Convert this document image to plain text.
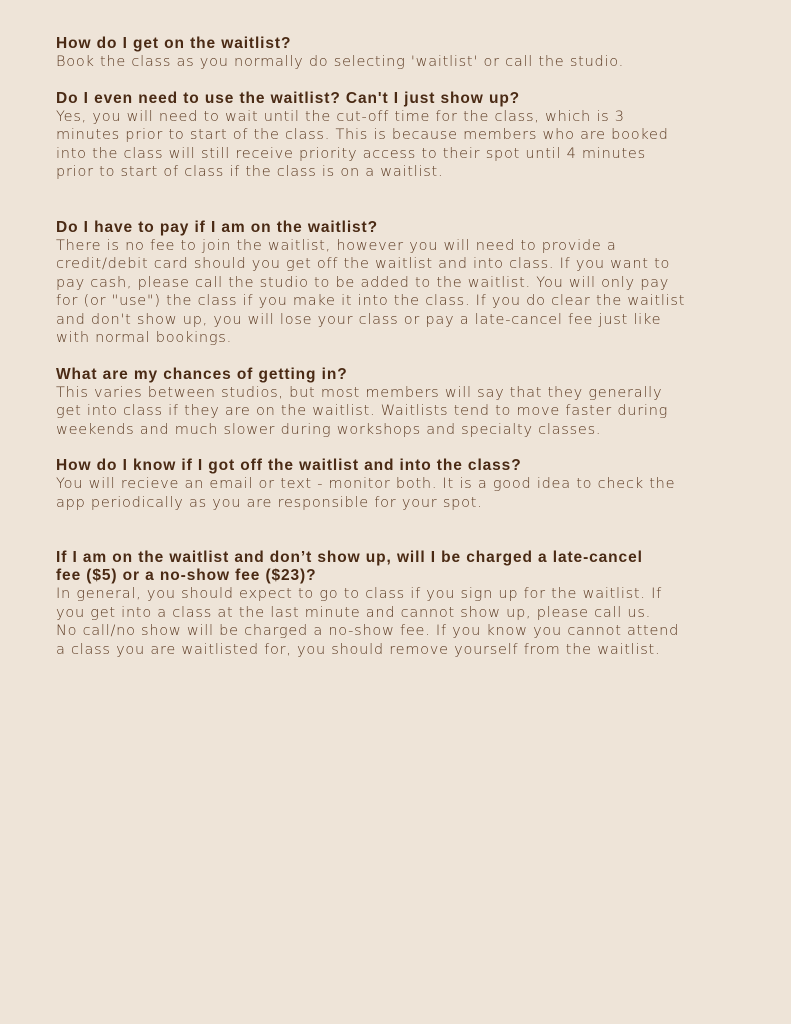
How do I get on the waitlist?

Book the class as you normally do selecting 'waitlist' or call the studio.

Do I even need to use the waitlist? Can't I just show up?

Yes, you will need to wait until the cut-off time for the class, which is 3
minutes prior to start of the class. This is because members who are booked
into the class will still receive priority access to their spot until 4 minutes
prior to start of class if the class is on a waitlist.

Do I have to pay if I am on the waitlist?

There is no fee to join the waitlist, however you will need to provide a
credit/debit card should you get off the waitlist and into class. If you want to
pay cash, please call the studio to be added to the waitlist. You will only pay
for (or "use") the class if you make it into the class. If you do clear the waitlist
and don't show up, you will lose your class or pay a late-cancel fee just like
with normal bookings.

What are my chances of getting in?

This varies between studios, but most members will say that they generally
get into class if they are on the waitlist. Waitlists tend to move faster during
weekends and much slower during workshops and specialty classes.

How do I know if I got off the waitlist and into the class?

You will recieve an email or text - monitor both. It is a good idea to check the
app periodically as you are responsible for your spot.

If I am on the waitlist and don’t show up, will I be charged a late-cancel
fee ($5) or a no-show fee ($23)?

In general, you should expect to go to class if you sign up for the waitlist. If
you get into a class at the last minute and cannot show up, please call us.
No call/no show will be charged a no-show fee. If you know you cannot attend
a class you are waitlisted for, you should remove yourself from the waitlist.
